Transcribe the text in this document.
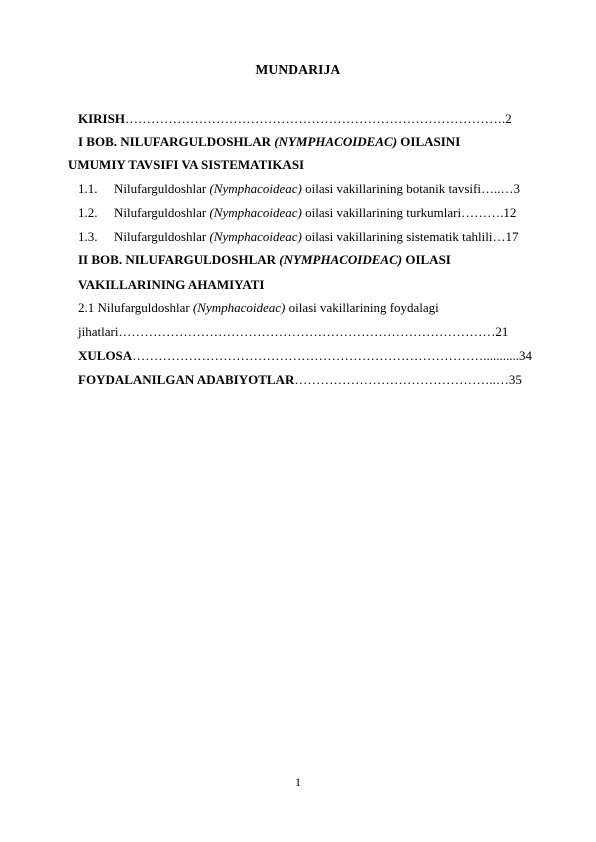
MUNDARIJA
KIRISH…………………………………………………………………………….2
I BOB. NILUFARGULDOSHLAR (NYMPHACOIDEAC) OILASINI
UMUMIY TAVSIFI VA SISTEMATIKASI
1.1. Nilufarguldoshlar (Nymphacoideac) oilasi vakillarining botanik tavsifi…..…3
1.2. Nilufarguldoshlar (Nymphacoideac) oilasi vakillarining turkumlari……….12
1.3. Nilufarguldoshlar (Nymphacoideac) oilasi vakillarining sistematik tahlili…17
II BOB. NILUFARGULDOSHLAR (NYMPHACOIDEAC) OILASI
VAKILLARINING AHAMIYATI
2.1 Nilufarguldoshlar (Nymphacoideac) oilasi vakillarining foydalagi
jihatlari……………………………………………………………………………21
XULOSA………………………………………………………………………...........34
FOYDALANILGAN ADABIYOTLAR………………………………………..…35
1
